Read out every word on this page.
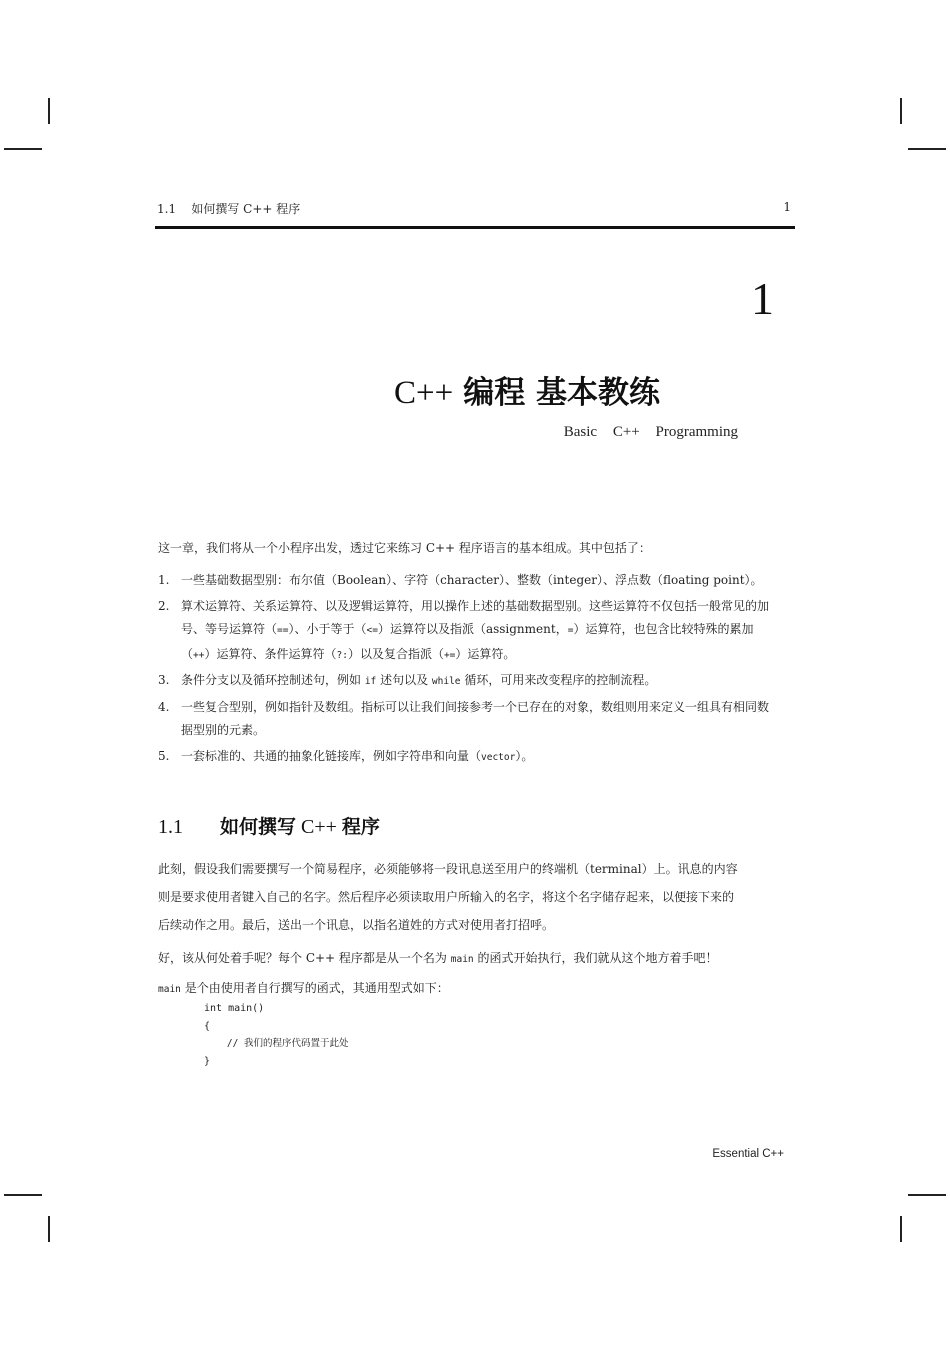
1.1    如何撰写 C++ 程序	1
1
C++ 编程 基本教练
Basic C++ Programming
这一章，我们将从一个小程序出发，透过它来练习 C++ 程序语言的基本组成。其中包括了：
1. 一些基础数据型别：布尔值（Boolean）、字符（character）、整数（integer）、浮点数（floating point）。
2. 算术运算符、关系运算符、以及逻辑运算符，用以操作上述的基础数据型别。这些运算符不仅包括一般常见的加号、等号运算符（==）、小于等于（<=）运算符以及指派（assignment，=）运算符，也包含比较特殊的累加（++）运算符、条件运算符（?:）以及复合指派（+=）运算符。
3. 条件分支以及循环控制述句，例如 if 述句以及 while 循环，可用来改变程序的控制流程。
4. 一些复合型别，例如指针及数组。指标可以让我们间接参考一个已存在的对象，数组则用来定义一组具有相同数据型别的元素。
5. 一套标准的、共通的抽象化链接库，例如字符串和向量（vector）。
1.1 如何撰写 C++ 程序
此刻，假设我们需要撰写一个简易程序，必须能够将一段讯息送至用户的终端机（terminal）上。讯息的内容则是要求使用者键入自己的名字。然后程序必须读取用户所输入的名字，将这个名字储存起来，以便接下来的后续动作之用。最后，送出一个讯息，以指名道姓的方式对使用者打招呼。
好，该从何处着手呢？每个 C++ 程序都是从一个名为 main 的函式开始执行，我们就从这个地方着手吧！main 是个由使用者自行撰写的函式，其通用型式如下：
int main()
{
// 我们的程序代码置于此处
}
Essential C++
